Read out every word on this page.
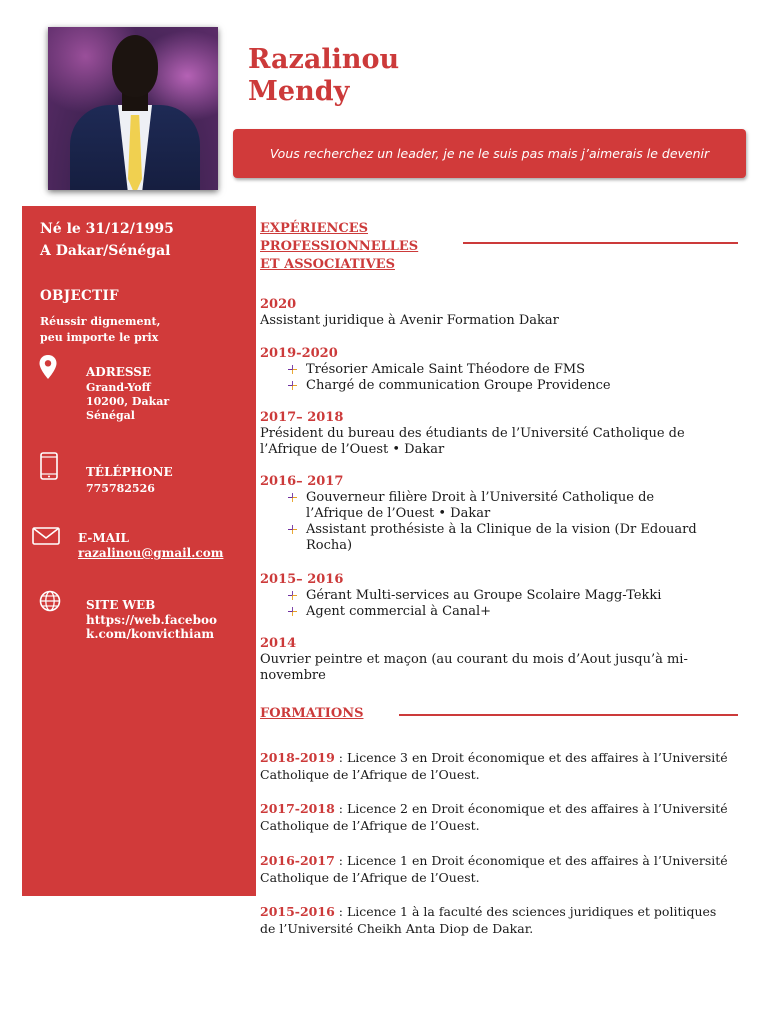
Razalinou
Mendy
Vous recherchez un leader, je ne le suis pas mais j’aimerais le devenir
Né le 31/12/1995
A Dakar/Sénégal
OBJECTIF
Réussir dignement,
peu importe le prix
ADRESSE
Grand-Yoff
10200, Dakar
Sénégal
TÉLÉPHONE
775782526
E-MAIL
razalinou@gmail.com
SITE WEB
https://web.faceboo
k.com/konvicthiam
EXPÉRIENCES
PROFESSIONNELLES
ET ASSOCIATIVES
2020
Assistant juridique à Avenir Formation Dakar
2019-2020
Trésorier Amicale Saint Théodore de FMS
Chargé de communication Groupe Providence
2017– 2018
Président du bureau des étudiants de l’Université Catholique de
l’Afrique de l’Ouest • Dakar
2016– 2017
Gouverneur filière Droit à l’Université Catholique de l’Afrique de l’Ouest • Dakar
Assistant prothésiste à la Clinique de la vision (Dr Edouard Rocha)
2015– 2016
Gérant Multi-services au Groupe Scolaire Magg-Tekki
Agent commercial à Canal+
2014
Ouvrier peintre et maçon (au courant du mois d’Aout jusqu’à mi-
novembre
FORMATIONS
2018-2019 : Licence 3 en Droit économique et des affaires à l’Université Catholique de l’Afrique de l’Ouest.
2017-2018 : Licence 2 en Droit économique et des affaires à l’Université Catholique de l’Afrique de l’Ouest.
2016-2017 : Licence 1 en Droit économique et des affaires à l’Université Catholique de l’Afrique de l’Ouest.
2015-2016 : Licence 1 à la faculté des sciences juridiques et politiques de l’Université Cheikh Anta Diop de Dakar.
